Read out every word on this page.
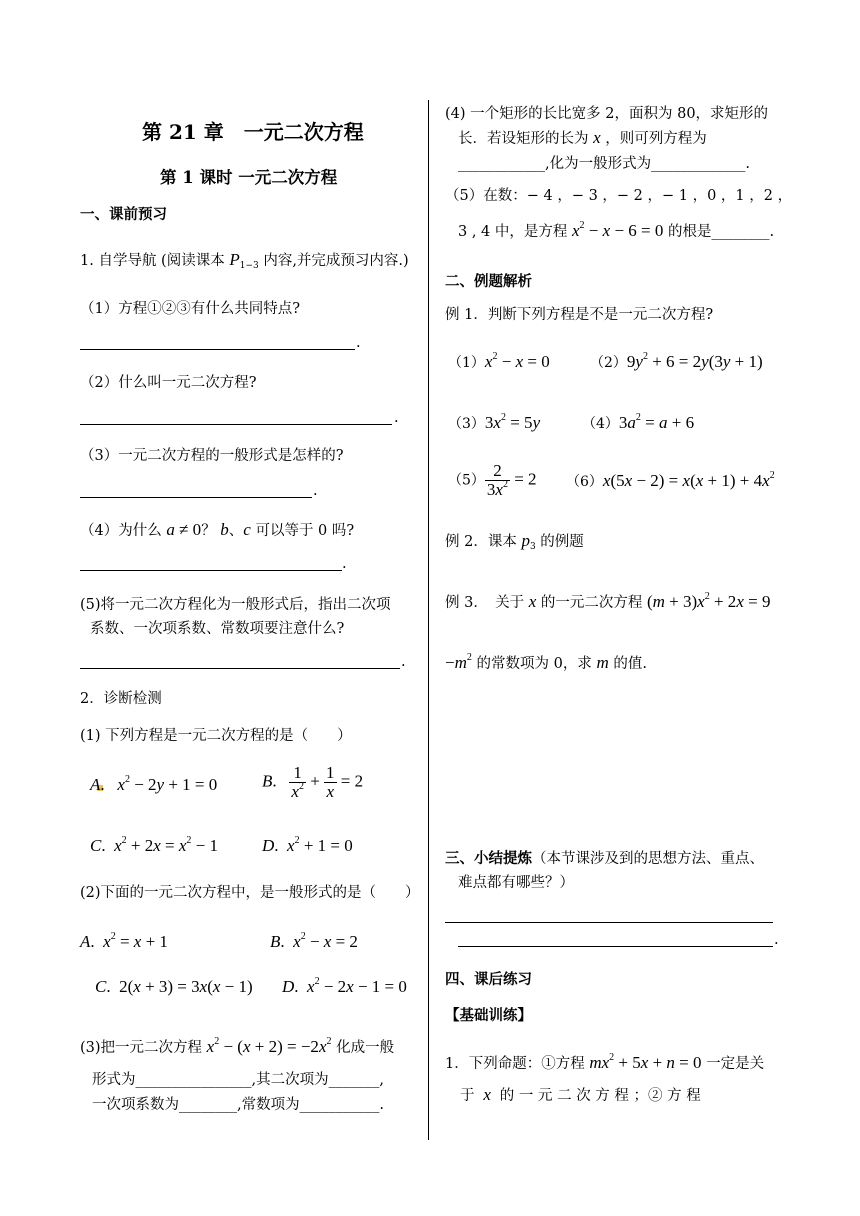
第 21 章　一元二次方程
第 1 课时 一元二次方程
一、课前预习
1. 自学导航 (阅读课本 $P_{1-3}$ 内容,并完成预习内容.)
（1）方程①②③有什么共同特点?
.
（2）什么叫一元二次方程?
.
（3）一元二次方程的一般形式是怎样的?
.
（4）为什么 a ≠ 0？ b、c 可以等于 0 吗?
.
(5)将一元二次方程化为一般形式后，指出二次项
系数、一次项系数、常数项要注意什么?
.
2．诊断检测
(1) 下列方程是一元二次方程的是（　　）
A.   $x^2 - 2y + 1 = 0$	B. $\frac{1}{x^2} + \frac{1}{x} = 2$
C.  $x^2 + 2x = x^2 - 1$	D.  $x^2 + 1 = 0$
(2)下面的一元二次方程中，是一般形式的是（　　）
A.  $x^2 = x + 1$	B.  $x^2 - x = 2$
C.  2(x + 3) = 3x(x − 1) D.  $x^2 - 2x - 1 = 0$
(3)把一元二次方程 $x^2 - (x + 2) = -2x^2$ 化成一般
形式为________________,其二次项为_______,
一次项系数为________,常数项为___________.
(4) 一个矩形的长比宽多 2，面积为 80，求矩形的
长．若设矩形的长为 x ，则可列方程为
____________,化为一般形式为_____________.
（5）在数：− 4 ，− 3 ，− 2 ，− 1 ，0 ，1 ，2 ，
3 , 4 中，是方程 $x^2 - x - 6 = 0$ 的根是________.
二、例题解析
例 1．判断下列方程是不是一元二次方程?
$(1)x^2 - x = 0$	$(2)9y^2 + 6 = 2y(3y + 1)$
$(3)3x^2 = 5y$	$(4)3a^2 = a + 6$
$(5) \frac{2}{3x^2} = 2$ $(6)x(5x - 2) = x(x + 1) + 4x^2$
例 2．课本 $p_3$ 的例题
例 3．　关于 x 的一元二次方程 $(m + 3)x^2 + 2x = 9$
$-m^2$ 的常数项为 0，求 m 的值.
三、小结提炼（本节课涉及到的思想方法、重点、
难点都有哪些？）
.
四、课后练习
【基础训练】
1．下列命题：①方程 $mx^2 + 5x + n = 0$ 一定是关
于  x  的 一 元 二 次 方 程 ；② 方 程
